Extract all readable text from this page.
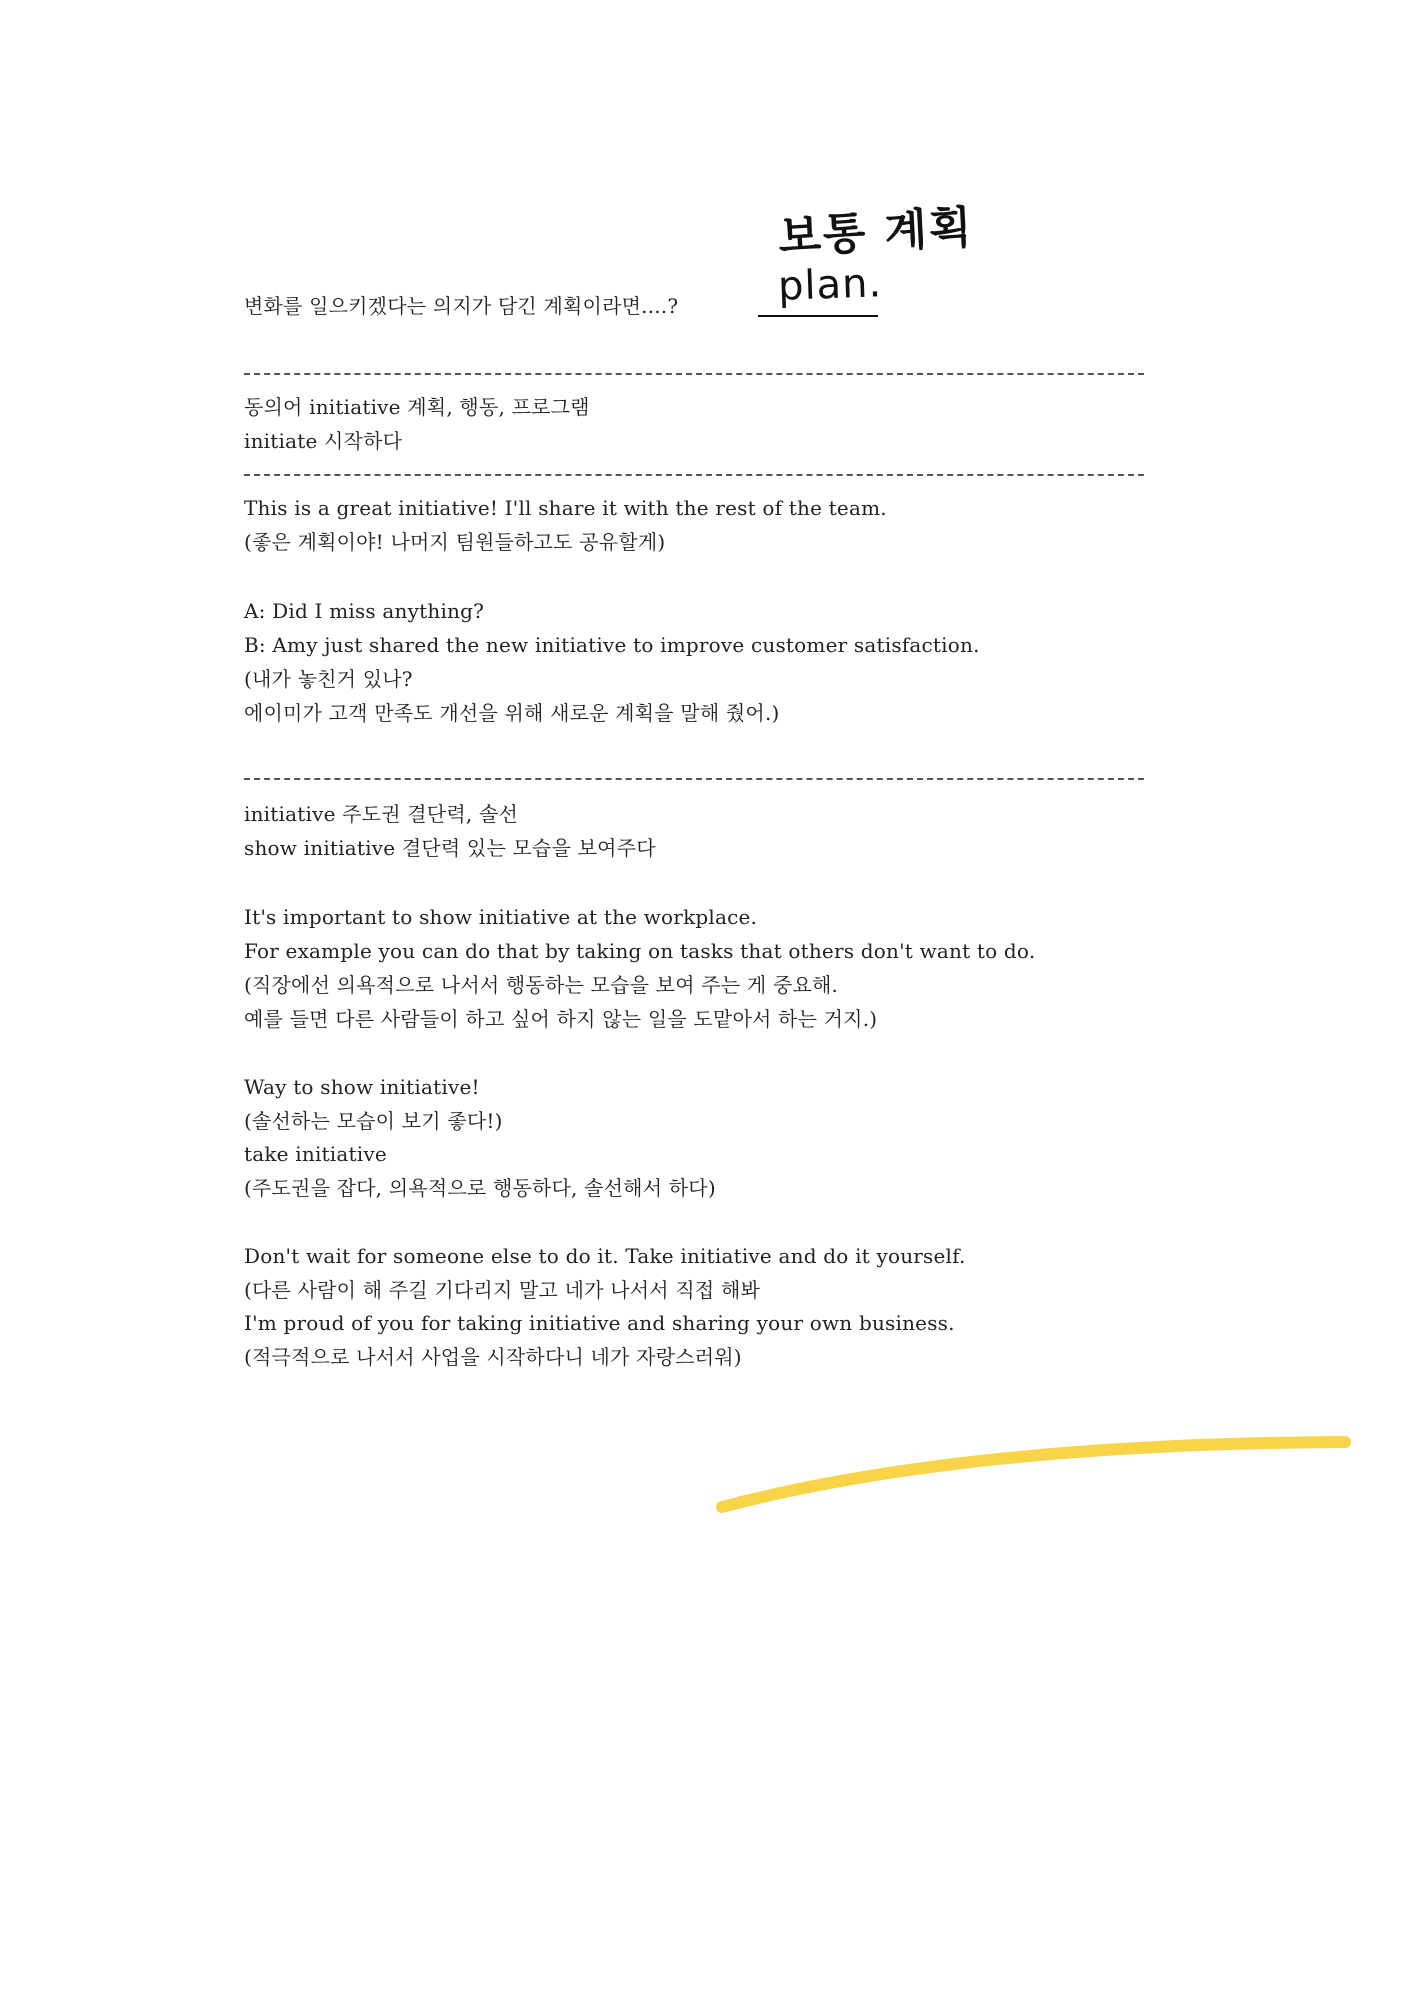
보통 계획
plan.
변화를 일으키겠다는 의지가 담긴 계획이라면....?
동의어 initiative 계획, 행동, 프로그램
initiate 시작하다
This is a great initiative! I'll share it with the rest of the team.
(좋은 계획이야! 나머지 팀원들하고도 공유할게)
A: Did I miss anything?
B: Amy just shared the new initiative to improve customer satisfaction.
(내가 놓친거 있나?
에이미가 고객 만족도 개선을 위해 새로운 계획을 말해 줬어.)
initiative 주도권 결단력, 솔선
show initiative 결단력 있는 모습을 보여주다
It's important to show initiative at the workplace.
For example you can do that by taking on tasks that others don't want to do.
(직장에선 의욕적으로 나서서 행동하는 모습을 보여 주는 게 중요해.
예를 들면 다른 사람들이 하고 싶어 하지 않는 일을 도맡아서 하는 거지.)
Way to show initiative!
(솔선하는 모습이 보기 좋다!)
take initiative
(주도권을 잡다, 의욕적으로 행동하다, 솔선해서 하다)
Don't wait for someone else to do it. Take initiative and do it yourself.
(다른 사람이 해 주길 기다리지 말고 네가 나서서 직접 해봐
I'm proud of you for taking initiative and sharing your own business.
(적극적으로 나서서 사업을 시작하다니 네가 자랑스러워)
